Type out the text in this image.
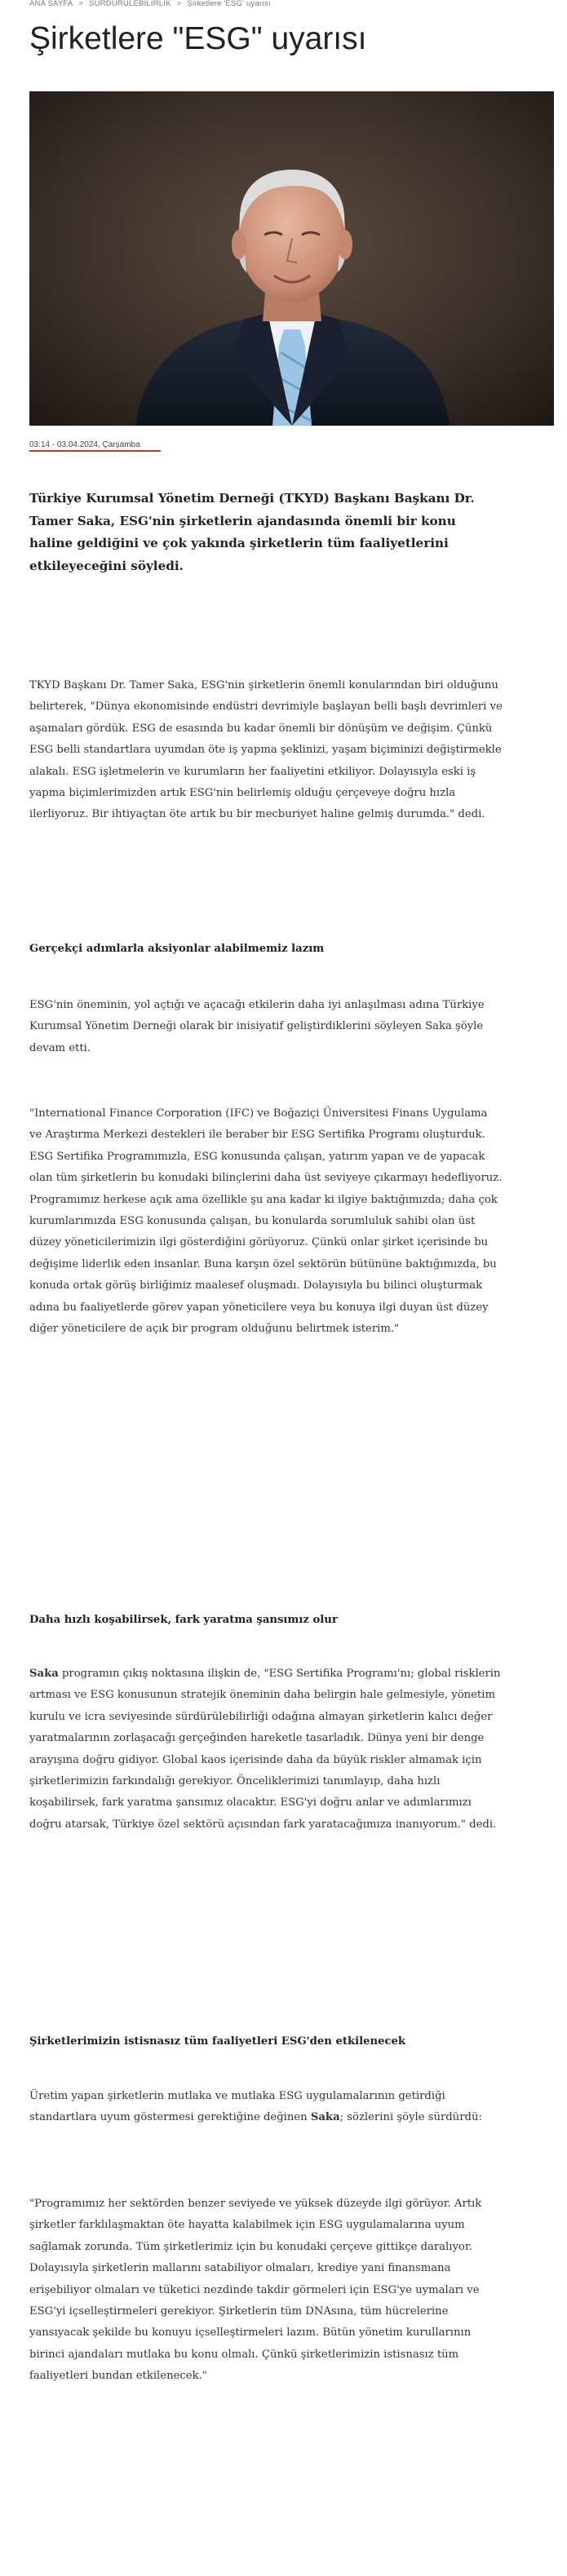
ANA SAYFA > SÜRDÜRÜLEBİLİRLİK > Şirketlere 'ESG' uyarısı
Şirketlere "ESG" uyarısı
03:14 - 03.04.2024, Çarşamba

Türkiye Kurumsal Yönetim Derneği (TKYD) Başkanı Başkanı Dr. Tamer Saka, ESG'nin şirketlerin ajandasında önemli bir konu haline geldiğini ve çok yakında şirketlerin tüm faaliyetlerini etkileyeceğini söyledi.

TKYD Başkanı Dr. Tamer Saka, ESG'nin şirketlerin önemli konularından biri olduğunu belirterek, "Dünya ekonomisinde endüstri devrimiyle başlayan belli başlı devrimleri ve aşamaları gördük. ESG de esasında bu kadar önemli bir dönüşüm ve değişim. Çünkü ESG belli standartlara uyumdan öte iş yapma şeklinizi, yaşam biçiminizi değiştirmekle alakalı. ESG işletmelerin ve kurumların her faaliyetini etkiliyor. Dolayısıyla eski iş yapma biçimlerimizden artık ESG'nin belirlemiş olduğu çerçeveye doğru hızla ilerliyoruz. Bir ihtiyaçtan öte artık bu bir mecburiyet haline gelmiş durumda." dedi.

Gerçekçi adımlarla aksiyonlar alabilmemiz lazım

ESG'nin öneminin, yol açtığı ve açacağı etkilerin daha iyi anlaşılması adına Türkiye Kurumsal Yönetim Derneği olarak bir inisiyatif geliştirdiklerini söyleyen Saka şöyle devam etti.

"International Finance Corporation (IFC) ve Boğaziçi Üniversitesi Finans Uygulama ve Araştırma Merkezi destekleri ile beraber bir ESG Sertifika Programı oluşturduk. ESG Sertifika Programımızla, ESG konusunda çalışan, yatırım yapan ve de yapacak olan tüm şirketlerin bu konudaki bilinçlerini daha üst seviyeye çıkarmayı hedefliyoruz. Programımız herkese açık ama özellikle şu ana kadar ki ilgiye baktığımızda; daha çok kurumlarımızda ESG konusunda çalışan, bu konularda sorumluluk sahibi olan üst düzey yöneticilerimizin ilgi gösterdiğini görüyoruz. Çünkü onlar şirket içerisinde bu değişime liderlik eden insanlar. Buna karşın özel sektörün bütününe baktığımızda, bu konuda ortak görüş birliğimiz maalesef oluşmadı. Dolayısıyla bu bilinci oluşturmak adına bu faaliyetlerde görev yapan yöneticilere veya bu konuya ilgi duyan üst düzey diğer yöneticilere de açık bir program olduğunu belirtmek isterim."

Daha hızlı koşabilirsek, fark yaratma şansımız olur

Saka programın çıkış noktasına ilişkin de, "ESG Sertifika Programı'nı; global risklerin artması ve ESG konusunun stratejik öneminin daha belirgin hale gelmesiyle, yönetim kurulu ve icra seviyesinde sürdürülebilirliği odağına almayan şirketlerin kalıcı değer yaratmalarının zorlaşacağı gerçeğinden hareketle tasarladık. Dünya yeni bir denge arayışına doğru gidiyor. Global kaos içerisinde daha da büyük riskler almamak için şirketlerimizin farkındalığı gerekiyor. Önceliklerimizi tanımlayıp, daha hızlı koşabilirsek, fark yaratma şansımız olacaktır. ESG'yi doğru anlar ve adımlarımızı doğru atarsak, Türkiye özel sektörü açısından fark yaratacağımıza inanıyorum." dedi.

Şirketlerimizin istisnasız tüm faaliyetleri ESG'den etkilenecek

Üretim yapan şirketlerin mutlaka ve mutlaka ESG uygulamalarının getirdiği standartlara uyum göstermesi gerektiğine değinen Saka; sözlerini şöyle sürdürdü:

"Programımız her sektörden benzer seviyede ve yüksek düzeyde ilgi görüyor. Artık şirketler farklılaşmaktan öte hayatta kalabilmek için ESG uygulamalarına uyum sağlamak zorunda. Tüm şirketlerimiz için bu konudaki çerçeve gittikçe daralıyor. Dolayısıyla şirketlerin mallarını satabiliyor olmaları, krediye yani finansmana erişebiliyor olmaları ve tüketici nezdinde takdir görmeleri için ESG'ye uymaları ve ESG'yi içselleştirmeleri gerekiyor. Şirketlerin tüm DNAsına, tüm hücrelerine yansıyacak şekilde bu konuyu içselleştirmeleri lazım. Bütün yönetim kurullarının birinci ajandaları mutlaka bu konu olmalı. Çünkü şirketlerimizin istisnasız tüm faaliyetleri bundan etkilenecek."
